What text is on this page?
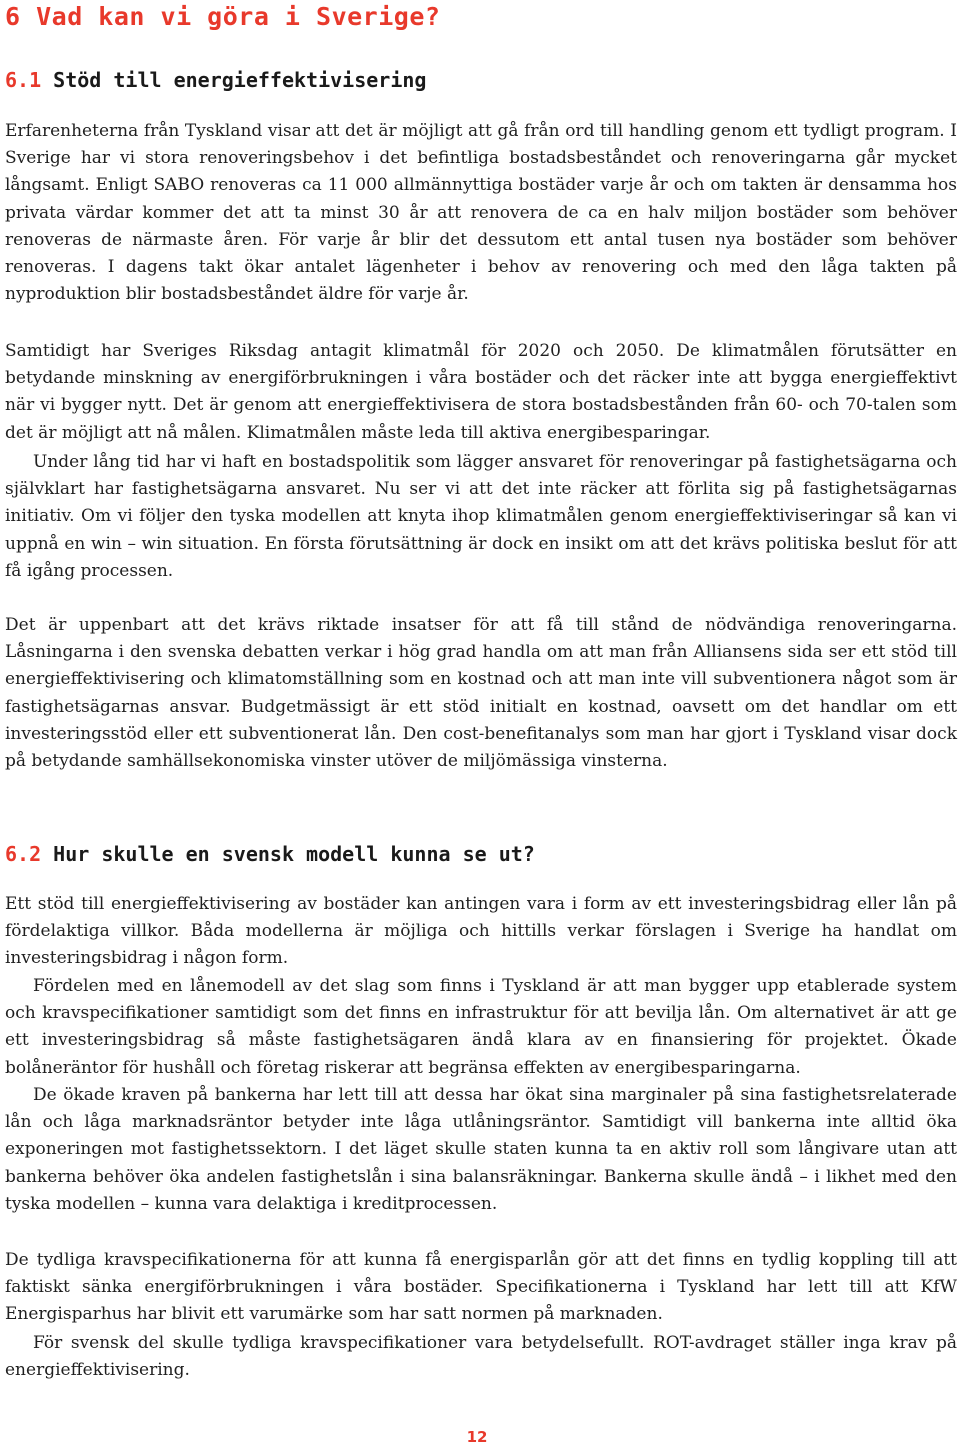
6 Vad kan vi göra i Sverige?
6.1 Stöd till energieffektivisering

Erfarenheterna från Tyskland visar att det är möjligt att gå från ord till handling genom ett tydligt program. I Sverige har vi stora renoveringsbehov i det befintliga bostadsbeståndet och renoveringarna går mycket långsamt. Enligt SABO renoveras ca 11 000 allmännyttiga bostäder varje år och om takten är densamma hos privata värdar kommer det att ta minst 30 år att renovera de ca en halv miljon bostäder som behöver renoveras de närmaste åren. För varje år blir det dessutom ett antal tusen nya bostäder som behöver renoveras. I dagens takt ökar antalet lägenheter i behov av renovering och med den låga takten på nyproduktion blir bostadsbeståndet äldre för varje år.

Samtidigt har Sveriges Riksdag antagit klimatmål för 2020 och 2050. De klimatmålen förutsätter en betydande minskning av energiförbrukningen i våra bostäder och det räcker inte att bygga energieffektivt när vi bygger nytt. Det är genom att energieffektivisera de stora bostadsbestånden från 60- och 70-talen som det är möjligt att nå målen. Klimatmålen måste leda till aktiva energibesparingar.

Under lång tid har vi haft en bostadspolitik som lägger ansvaret för renoveringar på fastighetsägarna och självklart har fastighetsägarna ansvaret. Nu ser vi att det inte räcker att förlita sig på fastighetsägarnas initiativ. Om vi följer den tyska modellen att knyta ihop klimatmålen genom energieffektiviseringar så kan vi uppnå en win – win situation. En första förutsättning är dock en insikt om att det krävs politiska beslut för att få igång processen.

Det är uppenbart att det krävs riktade insatser för att få till stånd de nödvändiga renoveringarna. Låsningarna i den svenska debatten verkar i hög grad handla om att man från Alliansens sida ser ett stöd till energieffektivisering och klimatomställning som en kostnad och att man inte vill subventionera något som är fastighetsägarnas ansvar. Budgetmässigt är ett stöd initialt en kostnad, oavsett om det handlar om ett investeringsstöd eller ett subventionerat lån. Den cost-benefitanalys som man har gjort i Tyskland visar dock på betydande samhällsekonomiska vinster utöver de miljömässiga vinsterna.

6.2 Hur skulle en svensk modell kunna se ut?

Ett stöd till energieffektivisering av bostäder kan antingen vara i form av ett investeringsbidrag eller lån på fördelaktiga villkor. Båda modellerna är möjliga och hittills verkar förslagen i Sverige ha handlat om investeringsbidrag i någon form.

Fördelen med en lånemodell av det slag som finns i Tyskland är att man bygger upp etablerade system och kravspecifikationer samtidigt som det finns en infrastruktur för att bevilja lån. Om alternativet är att ge ett investeringsbidrag så måste fastighetsägaren ändå klara av en finansiering för projektet. Ökade bolåneräntor för hushåll och företag riskerar att begränsa effekten av energibesparingarna.

De ökade kraven på bankerna har lett till att dessa har ökat sina marginaler på sina fastighetsrelaterade lån och låga marknadsräntor betyder inte låga utlåningsräntor. Samtidigt vill bankerna inte alltid öka exponeringen mot fastighetssektorn. I det läget skulle staten kunna ta en aktiv roll som långivare utan att bankerna behöver öka andelen fastighetslån i sina balansräkningar. Bankerna skulle ändå – i likhet med den tyska modellen – kunna vara delaktiga i kreditprocessen.

De tydliga kravspecifikationerna för att kunna få energisparlån gör att det finns en tydlig koppling till att faktiskt sänka energiförbrukningen i våra bostäder. Specifikationerna i Tyskland har lett till att KfW Energisparhus har blivit ett varumärke som har satt normen på marknaden.

För svensk del skulle tydliga kravspecifikationer vara betydelsefullt. ROT-avdraget ställer inga krav på energieffektivisering.

12
